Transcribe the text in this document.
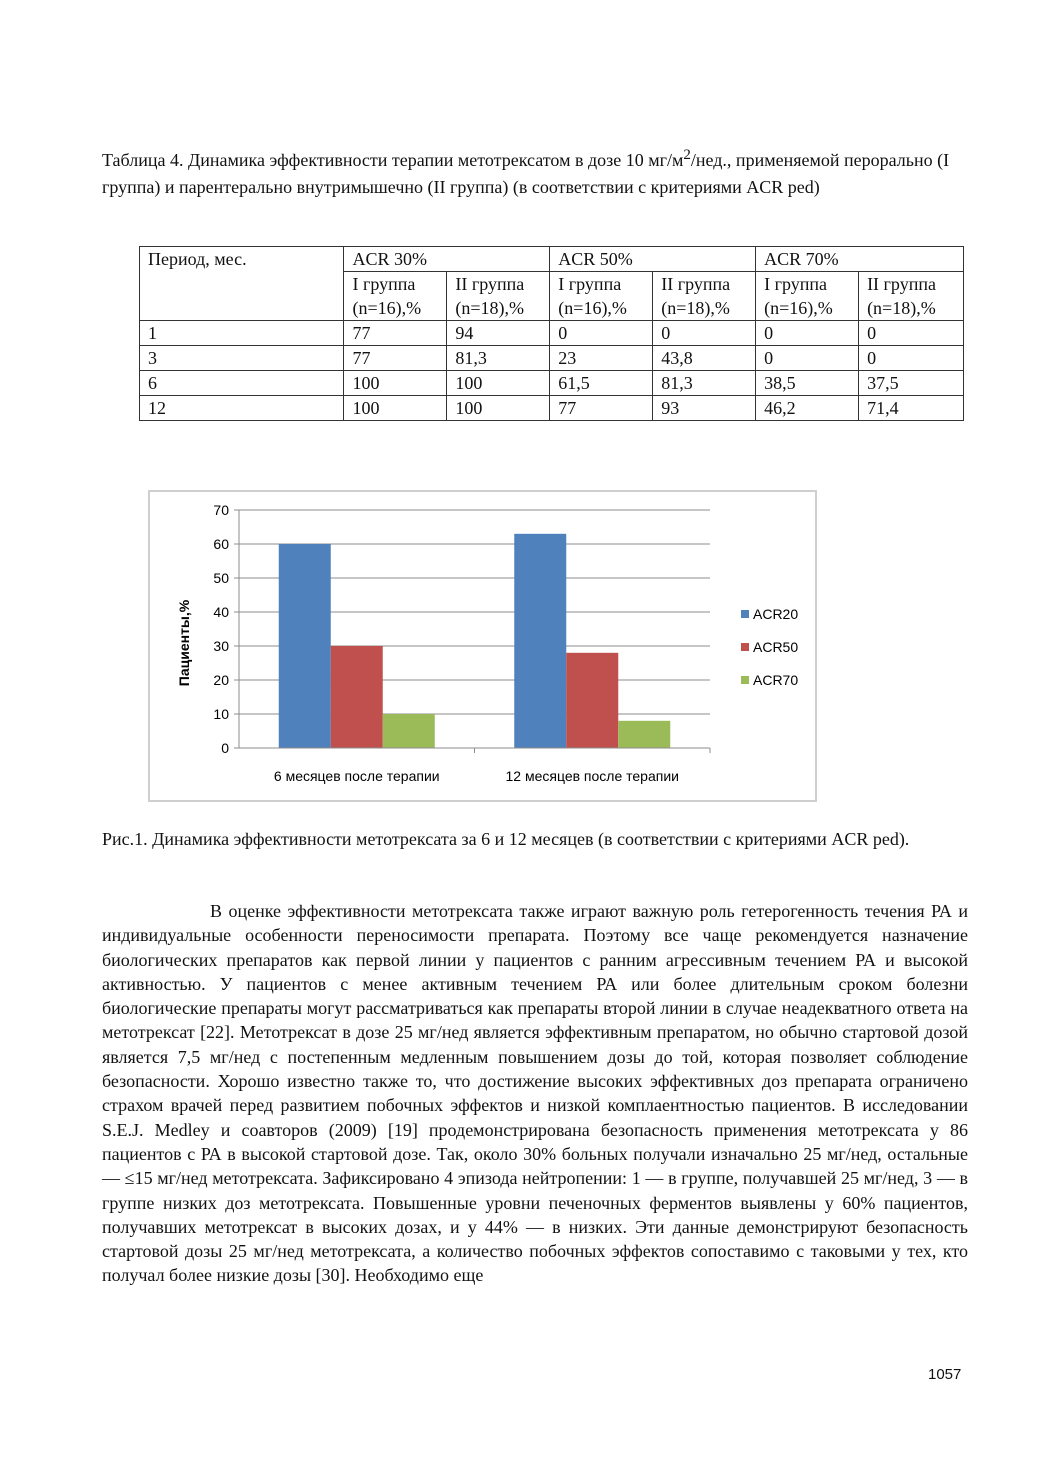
Таблица 4. Динамика эффективности терапии метотрексатом в дозе 10 $мг/м^2$/нед., применяемой перорально (I группа) и парентерально внутримышечно (II группа) (в соответствии с критериями ACR ped)
Период, мес.	ACR 30%		ACR 50%		ACR 70%	
	I группа (n=16),%	II группа (n=18),%	I группа (n=16),%	II группа (n=18),%	I группа (n=16),%	II группа (n=18),%
1	77	94	0	0	0	0
3	77	81,3	23	43,8	0	0
6	100	100	61,5	81,3	38,5	37,5
12	100	100	77	93	46,2	71,4
0
10
20
30
40
50
60
70
6 месяцев после терапии	12 месяцев после терапии
ACR20
ACR50
ACR70
Пациенты,%
Рис.1. Динамика эффективности метотрексата за 6 и 12 месяцев (в соответствии с критериями ACR ped).

В оценке эффективности метотрексата также играют важную роль гетерогенность течения РА и индивидуальные особенности переносимости препарата. Поэтому все чаще рекомендуется назначение биологических препаратов как первой линии у пациентов с ранним агрессивным течением РА и высокой активностью. У пациентов с менее активным течением РА или более длительным сроком болезни биологические препараты могут рассматриваться как препараты второй линии в случае неадекватного ответа на метотрексат [22]. Метотрексат в дозе 25 мг/нед является эффективным препаратом, но обычно стартовой дозой является 7,5 мг/нед с постепенным медленным повышением дозы до той, которая позволяет соблюдение безопасности. Хорошо известно также то, что достижение высоких эффективных доз препарата ограничено страхом врачей перед развитием побочных эффектов и низкой комплаентностью пациентов. В исследовании S.E.J. Medley и соавторов (2009) [19] продемонстрирована безопасность применения метотрексата у 86 пациентов с РА в высокой стартовой дозе. Так, около 30% больных получали изначально 25 мг/нед, остальные — ≤15 мг/нед метотрексата. Зафиксировано 4 эпизода нейтропении: 1 — в группе, получавшей 25 мг/нед, 3 — в группе низких доз метотрексата. Повышенные уровни печеночных ферментов выявлены у 60% пациентов, получавших метотрексат в высоких дозах, и у 44% — в низких. Эти данные демонстрируют безопасность стартовой дозы 25 мг/нед метотрексата, а количество побочных эффектов сопоставимо с таковыми у тех, кто получал более низкие дозы [30]. Необходимо еще

1057
